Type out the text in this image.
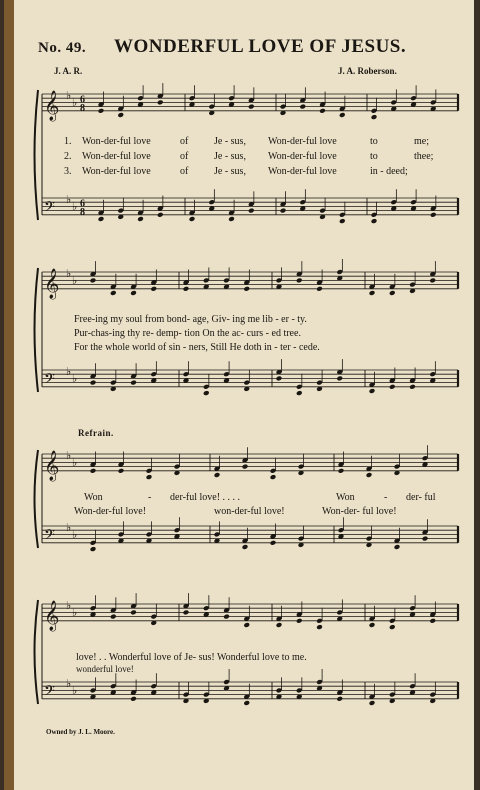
No. 49. WONDERFUL LOVE OF JESUS.
J. A. R.	J. A. Roberson.
𝄞 ♭
♭ 6
8
𝄢 ♭
♭ 6
8
1. Won-der-ful love	of	Je - sus, Won-der-ful love	to	me;
2. Won-der-ful love	of	Je - sus, Won-der-ful love	to	thee;
3. Won-der-ful love	of	Je - sus, Won-der-ful love	in - deed;
𝄞 ♭
♭
𝄢 ♭
♭
Free-ing my soul from bond- age, Giv- ing me lib - er - ty.
Pur-chas-ing thy re- demp- tion On the ac- curs - ed tree.
For the whole world of sin - ners, Still He doth in - ter - cede.
Refrain.
𝄞 ♭
♭
𝄢 ♭
♭
Won	- der-ful love! . . . .	Won	- der- ful
Won-der-ful love!	won-der-ful love!	Won-der- ful love!
𝄞 ♭
♭
𝄢 ♭
♭
love! . . Wonderful love of Je- sus! Wonderful love to me.
wonderful love!
Owned by J. L. Moore.
